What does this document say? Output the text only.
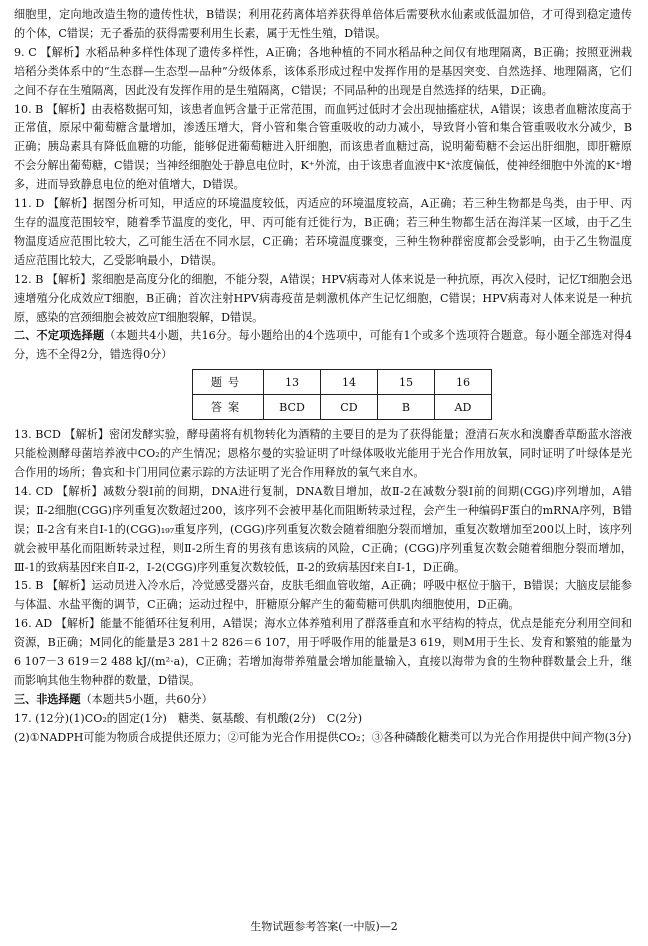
细胞里，定向地改造生物的遗传性状，B错误；利用花药离体培养获得单倍体后需要秋水仙素或低温加倍，才可得到稳定遗传的个体，C错误；无子番茄的获得需要利用生长素，属于无性生殖，D错误。

9. C 【解析】水稻品种多样性体现了遗传多样性，A正确；各地种植的不同水稻品种之间仅有地理隔离，B正确；按照亚洲栽培稻分类体系中的“生态群—生态型—品种”分级体系，该体系形成过程中发挥作用的是基因突变、自然选择、地理隔离，它们之间不存在生殖隔离，因此没有发挥作用的是生殖隔离，C错误；不同品种的出现是自然选择的结果，D正确。

10. B 【解析】由表格数据可知，该患者血钙含量于正常范围，而血钙过低时才会出现抽搐症状，A错误；该患者血糖浓度高于正常值，原尿中葡萄糖含量增加，渗透压增大，肾小管和集合管重吸收的动力减小，导致肾小管和集合管重吸收水分减少，B正确；胰岛素具有降低血糖的功能，能够促进葡萄糖进入肝细胞，而该患者血糖过高，说明葡萄糖不会运出肝细胞，即肝糖原不会分解出葡萄糖，C错误；当神经细胞处于静息电位时，K⁺外流，由于该患者血液中K⁺浓度偏低，使神经细胞中外流的K⁺增多，进而导致静息电位的绝对值增大，D错误。

11. D 【解析】据图分析可知，甲适应的环境温度较低，丙适应的环境温度较高，A正确；若三种生物都是鸟类，由于甲、丙生存的温度范围较窄，随着季节温度的变化，甲、丙可能有迁徙行为，B正确；若三种生物都生活在海洋某一区域，由于乙生物温度适应范围比较大，乙可能生活在不同水层，C正确；若环境温度骤变，三种生物种群密度都会受影响，由于乙生物温度适应范围比较大，乙受影响最小，D错误。

12. B 【解析】浆细胞是高度分化的细胞，不能分裂，A错误；HPV病毒对人体来说是一种抗原，再次入侵时，记忆T细胞会迅速增殖分化成效应T细胞，B正确；首次注射HPV病毒疫苗是刺激机体产生记忆细胞，C错误；HPV病毒对人体来说是一种抗原，感染的宫颈细胞会被效应T细胞裂解，D错误。

二、不定项选择题（本题共4小题，共16分。每小题给出的4个选项中，可能有1个或多个选项符合题意。每小题全部选对得4分，选不全得2分，错选得0分）

题号	13	14	15	16
答案	BCD	CD	B	AD

13. BCD 【解析】密闭发酵实验，酵母菌将有机物转化为酒精的主要目的是为了获得能量；澄清石灰水和溴麝香草酚蓝水溶液只能检测酵母菌培养液中CO₂的产生情况；恩格尔曼的实验证明了叶绿体吸收光能用于光合作用放氧，同时证明了叶绿体是光合作用的场所；鲁宾和卡门用同位素示踪的方法证明了光合作用释放的氧气来自水。

14. CD 【解析】减数分裂Ⅰ前的间期，DNA进行复制，DNA数目增加，故Ⅱ-2在减数分裂Ⅰ前的间期(CGG)序列增加，A错误；Ⅱ-2细胞(CGG)序列重复次数超过200，该序列不会被甲基化而阻断转录过程，会产生一种编码F蛋白的mRNA序列，B错误；Ⅱ-2含有来自Ⅰ-1的(CGG)₁₉₇重复序列，(CGG)序列重复次数会随着细胞分裂而增加，重复次数增加至200以上时，该序列就会被甲基化而阻断转录过程，则Ⅱ-2所生育的男孩有患该病的风险，C正确；(CGG)序列重复次数会随着细胞分裂而增加，Ⅲ-1的致病基因f来自Ⅱ-2，Ⅰ-2(CGG)序列重复次数较低，Ⅱ-2的致病基因f来自Ⅰ-1，D正确。

15. B 【解析】运动员进入冷水后，冷觉感受器兴奋，皮肤毛细血管收缩，A正确；呼吸中枢位于脑干，B错误；大脑皮层能参与体温、水盐平衡的调节，C正确；运动过程中，肝糖原分解产生的葡萄糖可供肌肉细胞使用，D正确。

16. AD 【解析】能量不能循环往复利用，A错误；海水立体养殖利用了群落垂直和水平结构的特点，优点是能充分利用空间和资源，B正确；M同化的能量是3 281＋2 826＝6 107，用于呼吸作用的能量是3 619，则M用于生长、发育和繁殖的能量为6 107－3 619＝2 488 kJ/(m²·a)，C正确；若增加海带养殖量会增加能量输入，直接以海带为食的生物种群数量会上升，继而影响其他生物种群的数量，D错误。

三、非选择题（本题共5小题，共60分）

17. (12分)(1)CO₂的固定(1分)　糖类、氨基酸、有机酸(2分)　C(2分)

(2)①NADPH可能为物质合成提供还原力；②可能为光合作用提供CO₂；③各种磷酸化糖类可以为光合作用提供中间产物(3分)

生物试题参考答案(一中版)—2
